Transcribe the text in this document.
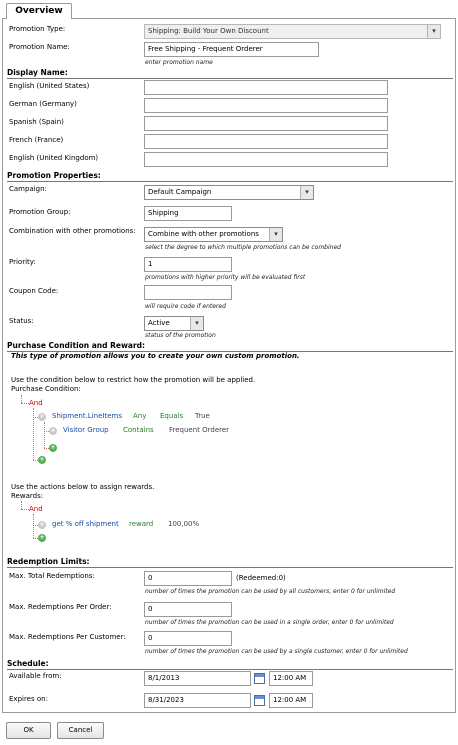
Overview
Promotion Type:	Shipping: Build Your Own Discount	▾
Promotion Name:	Free Shipping - Frequent Orderer
enter promotion name
Display Name:
English (United States)
German (Germany)
Spanish (Spain)
French (France)
English (United Kingdom)
Promotion Properties:
Campaign:	Default Campaign	▾
Promotion Group:	Shipping
Combination with other promotions:	Combine with other promotions	▾
select the degree to which multiple promotions can be combined
Priority:	1
promotions with higher priority will be evaluated first
Coupon Code:
will require code if entered
Status:	Active	▾
status of the promotion
Purchase Condition and Reward:
This type of promotion allows you to create your own custom promotion.
Use the condition below to restrict how the promotion will be applied.
Purchase Condition:
And
× Shipment.LineItems Any Equals True
× Visitor Group Contains Frequent Orderer
+
+
Use the actions below to assign rewards.
Rewards:
And
× get % off shipment reward 100,00%
+
Redemption Limits:
Max. Total Redemptions:	0	(Redeemed:0)
number of times the promotion can be used by all customers, enter 0 for unlimited
Max. Redemptions Per Order:	0
number of times the promotion can be used in a single order, enter 0 for unlimited
Max. Redemptions Per Customer:	0
number of times the promotion can be used by a single customer, enter 0 for unlimited
Schedule:
Available from:	8/1/2013	12:00 AM
Expires on:	8/31/2023	12:00 AM
OK	Cancel
